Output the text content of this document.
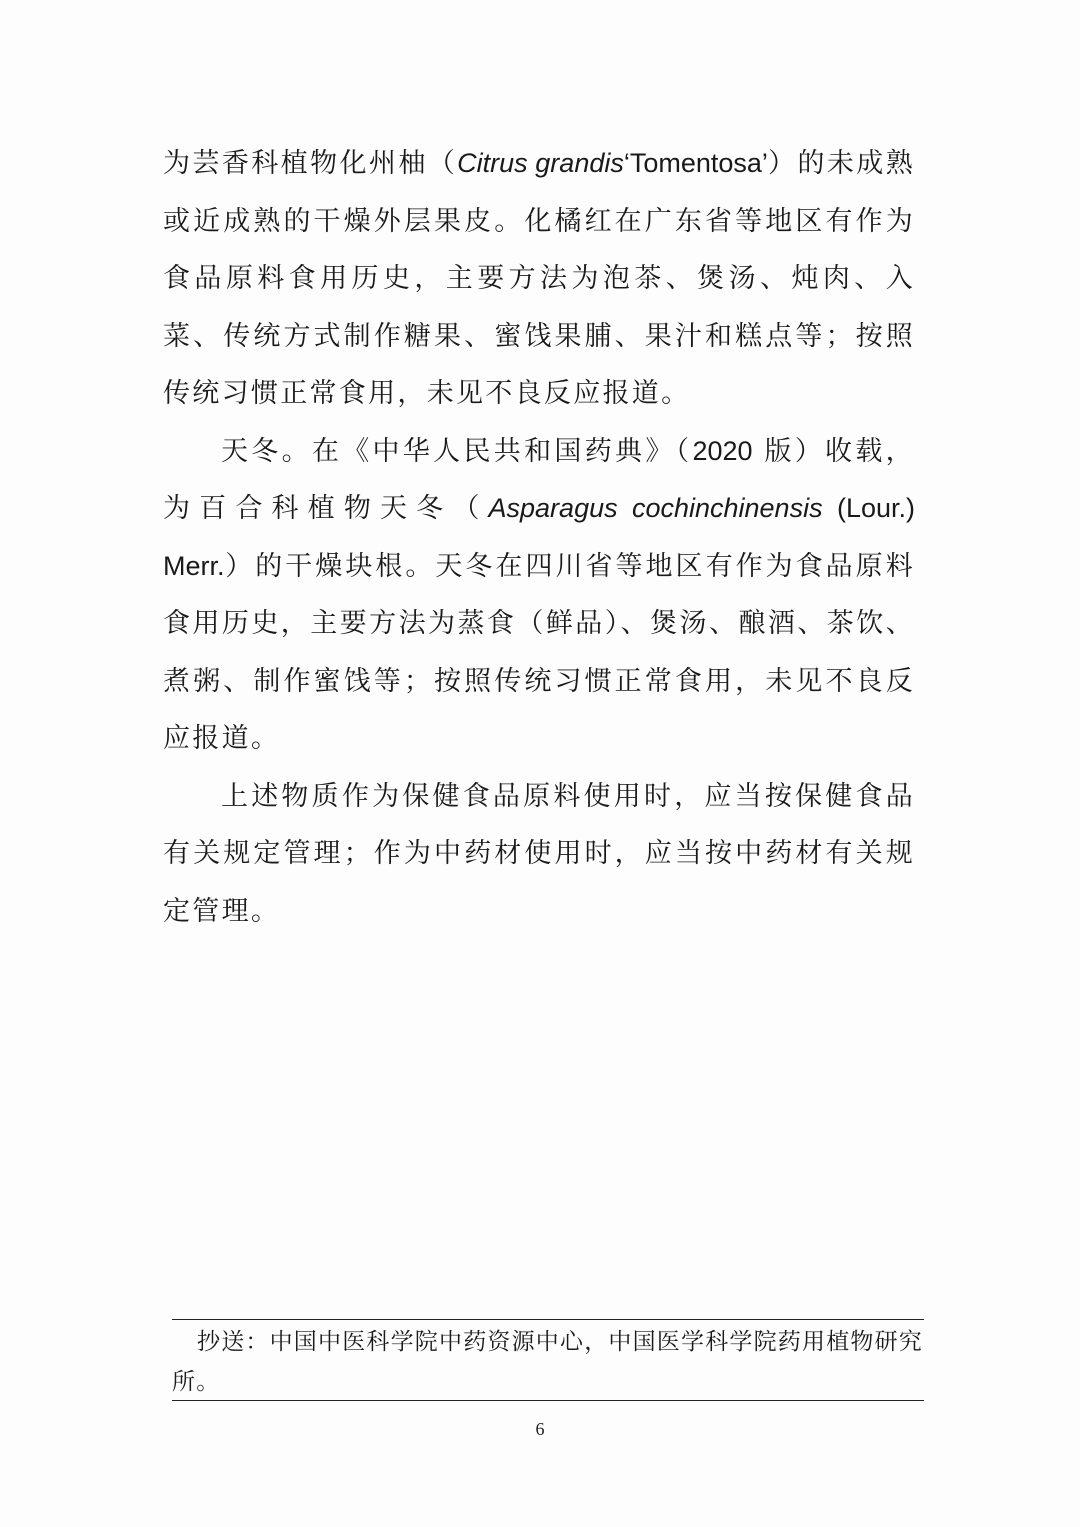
为芸香科植物化州柚（Citrus grandis‘Tomentosa’）的未成熟或近成熟的干燥外层果皮。化橘红在广东省等地区有作为食品原料食用历史，主要方法为泡茶、煲汤、炖肉、入菜、传统方式制作糖果、蜜饯果脯、果汁和糕点等；按照传统习惯正常食用，未见不良反应报道。

天冬。在《中华人民共和国药典》（2020 版）收载，为百合科植物天冬（Asparagus cochinchinensis (Lour.) Merr.）的干燥块根。天冬在四川省等地区有作为食品原料食用历史，主要方法为蒸食（鲜品）、煲汤、酿酒、茶饮、煮粥、制作蜜饯等；按照传统习惯正常食用，未见不良反应报道。

上述物质作为保健食品原料使用时，应当按保健食品有关规定管理；作为中药材使用时，应当按中药材有关规定管理。

抄送：中国中医科学院中药资源中心，中国医学科学院药用植物研究所。

6
